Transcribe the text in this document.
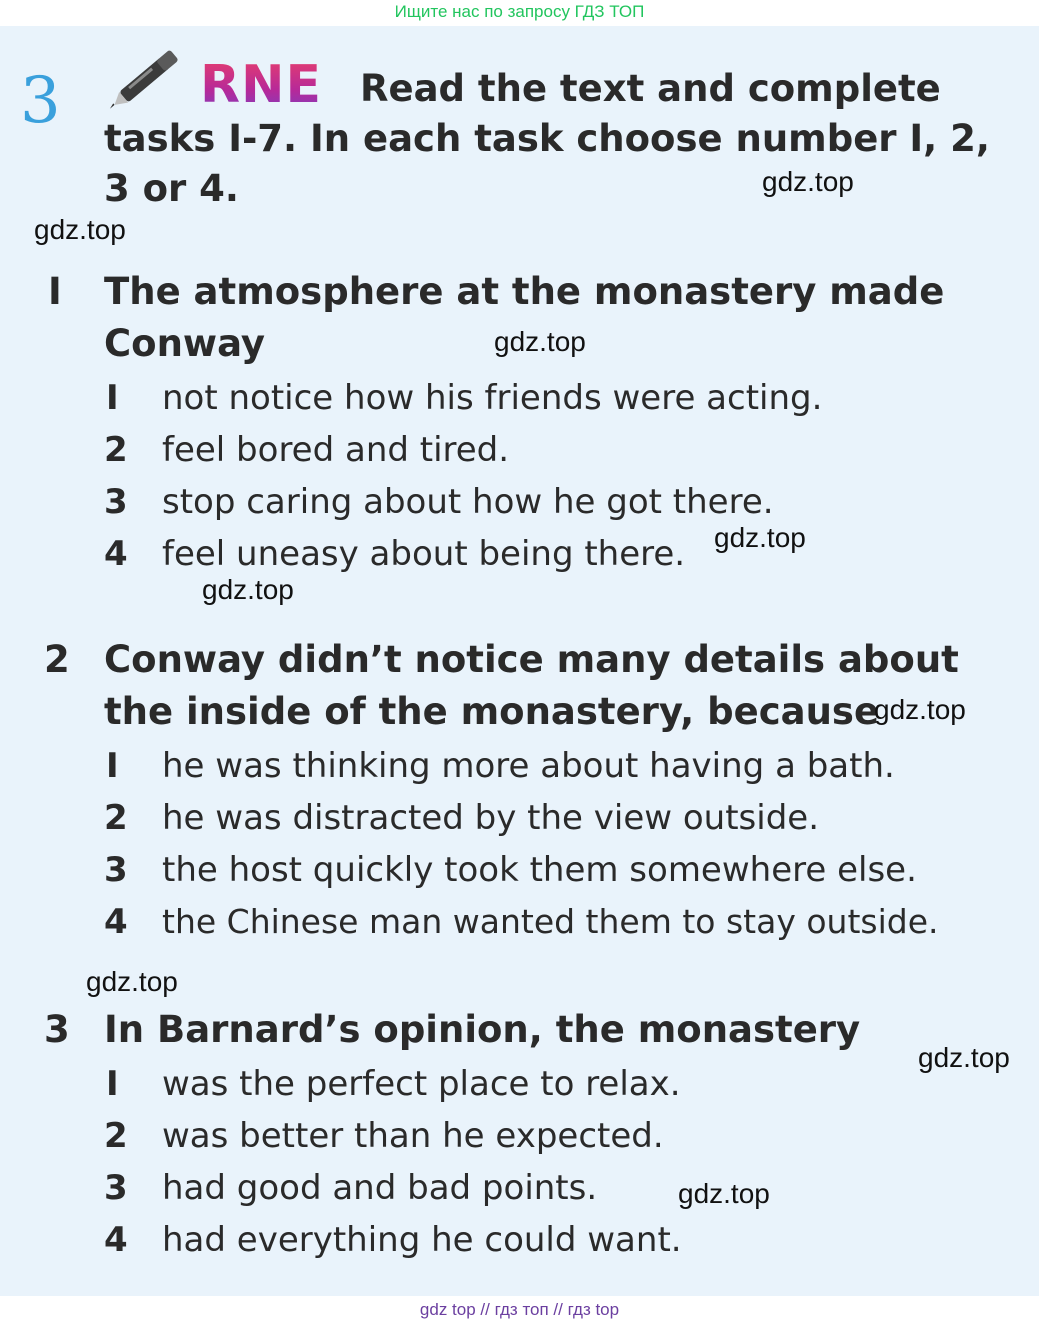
Ищите нас по запросу ГДЗ ТОП
3	RNE Read the text and complete
tasks I-7. In each task choose number I, 2,
3 or 4.
I The atmosphere at the monastery made
Conway
I not notice how his friends were acting.
2 feel bored and tired.
3 stop caring about how he got there.
4 feel uneasy about being there.
2 Conway didn’t notice many details about
the inside of the monastery, because
I he was thinking more about having a bath.
2 he was distracted by the view outside.
3 the host quickly took them somewhere else.
4 the Chinese man wanted them to stay outside.
3 In Barnard’s opinion, the monastery
I was the perfect place to relax.
2 was better than he expected.
3 had good and bad points.
4 had everything he could want.
gdz.top
gdz.top
gdz.top
gdz.top
gdz.top
gdz.top
gdz.top
gdz.top
gdz.top
gdz top // гдз топ // гдз top
